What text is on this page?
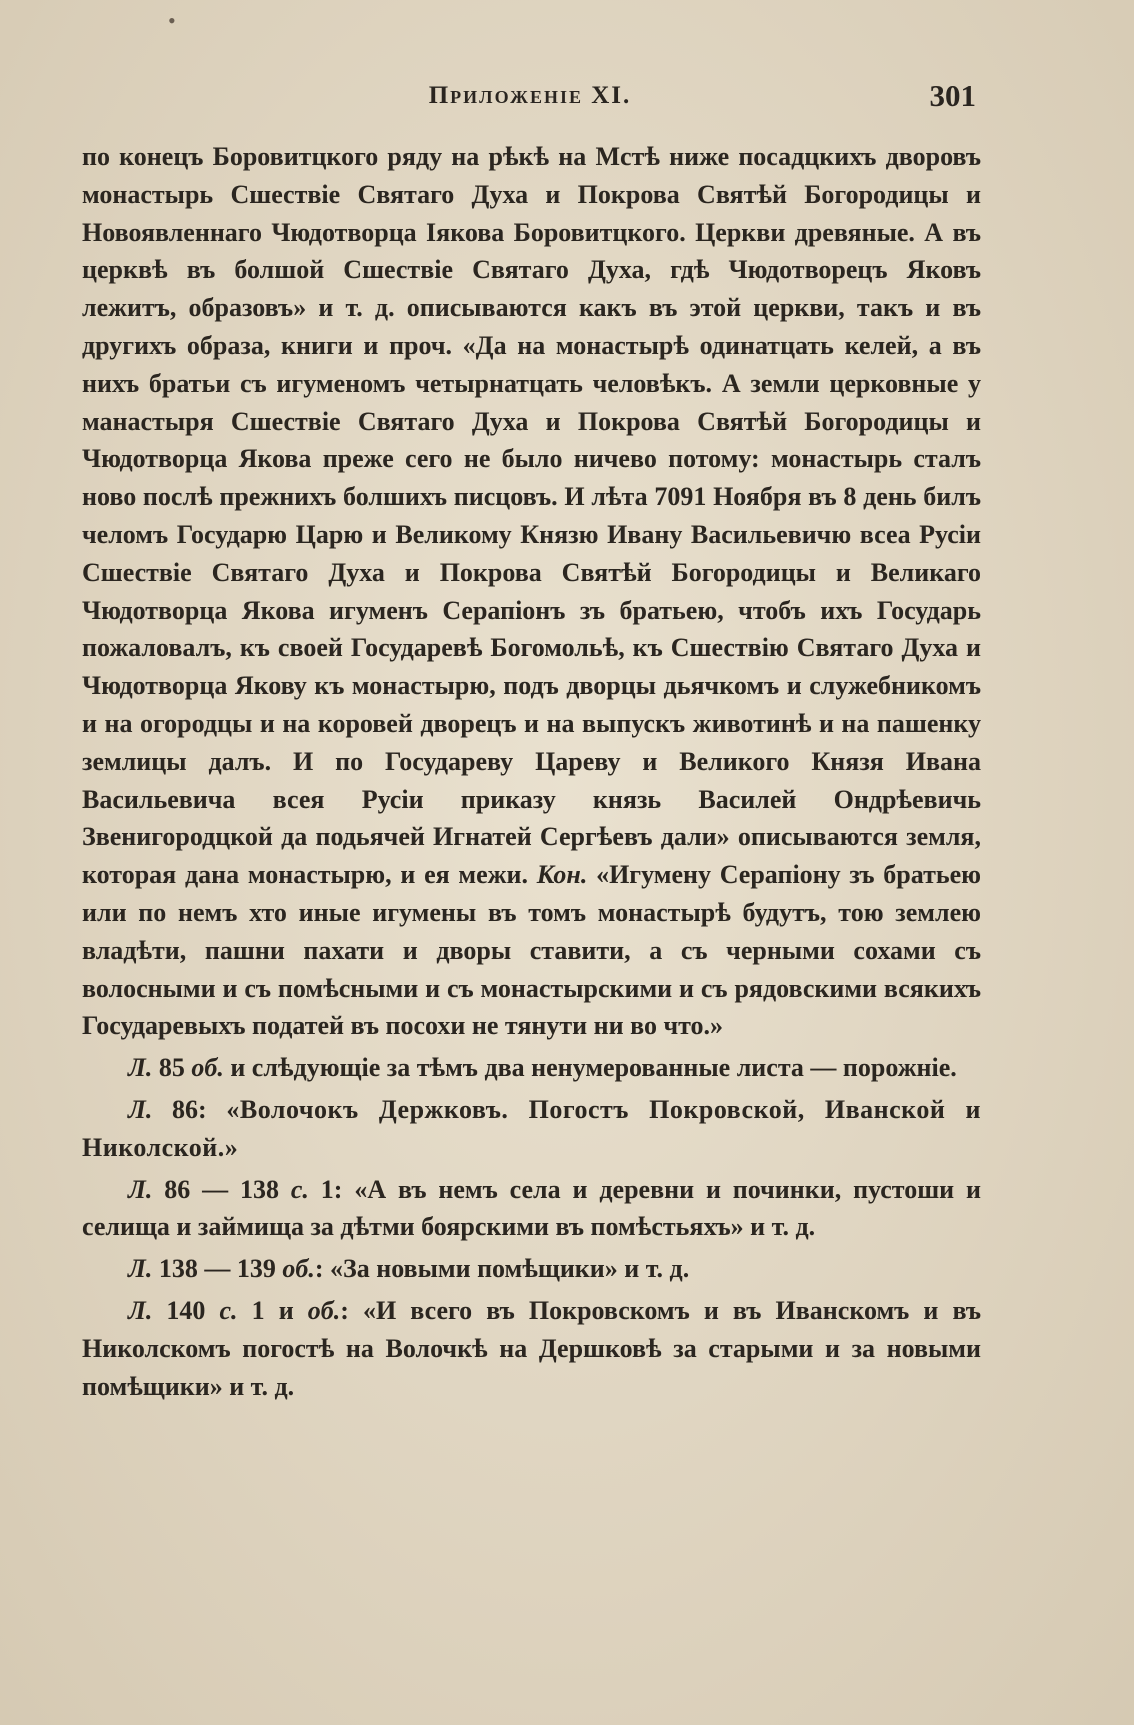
•
Приложеніе XI.	301

по конецъ Боровитцкого ряду на рѣкѣ на Мстѣ ниже посадцкихъ дворовъ монастырь Сшествіе Святаго Духа и Покрова Святѣй Богородицы и Новоявленнаго Чюдотворца Іякова Боровитцкого. Церкви древяные. А въ церквѣ въ болшой Сшествіе Святаго Духа, гдѣ Чюдотворецъ Яковъ лежитъ, образовъ» и т. д. описываются какъ въ этой церкви, такъ и въ другихъ образа, книги и проч. «Да на монастырѣ одинатцать келей, а въ нихъ братьи съ игуменомъ четырнатцать человѣкъ. А земли церковные у манастыря Сшествіе Святаго Духа и Покрова Святѣй Богородицы и Чюдотворца Якова преже сего не было ничево потому: монастырь сталъ ново послѣ прежнихъ болшихъ писцовъ. И лѣта 7091 Ноября въ 8 день билъ челомъ Государю Царю и Великому Князю Ивану Васильевичю всеа Русіи Сшествіе Святаго Духа и Покрова Святѣй Богородицы и Великаго Чюдотворца Якова игуменъ Серапіонъ зъ братьею, чтобъ ихъ Государь пожаловалъ, къ своей Государевѣ Богомольѣ, къ Сшествію Святаго Духа и Чюдотворца Якову къ монастырю, подъ дворцы дьячкомъ и служебникомъ и на огородцы и на коровей дворецъ и на выпускъ животинѣ и на пашенку землицы далъ. И по Государеву Цареву и Великого Князя Ивана Васильевича всея Русіи приказу князь Василей Ондрѣевичь Звенигородцкой да подьячей Игнатей Сергѣевъ дали» описываются земля, которая дана монастырю, и ея межи. Кон. «Игумену Серапіону зъ братьею или по немъ хто иные игумены въ томъ монастырѣ будутъ, тою землею владѣти, пашни пахати и дворы ставити, а съ черными сохами съ волосными и съ помѣсными и съ монастырскими и съ рядовскими всякихъ Государевыхъ податей въ посохи не тянути ни во что.»

Л. 85 об. и слѣдующіе за тѣмъ два ненумерованные листа — порожніе.

Л. 86: «Волочокъ Держковъ. Погостъ Покровской, Иванской и Николской.»

Л. 86 — 138 с. 1: «А въ немъ села и деревни и починки, пустоши и селища и займища за дѣтми боярскими въ помѣстьяхъ» и т. д.

Л. 138 — 139 об.: «За новыми помѣщики» и т. д.

Л. 140 с. 1 и об.: «И всего въ Покровскомъ и въ Иванскомъ и въ Николскомъ погостѣ на Волочкѣ на Дершковѣ за старыми и за новыми помѣщики» и т. д.
